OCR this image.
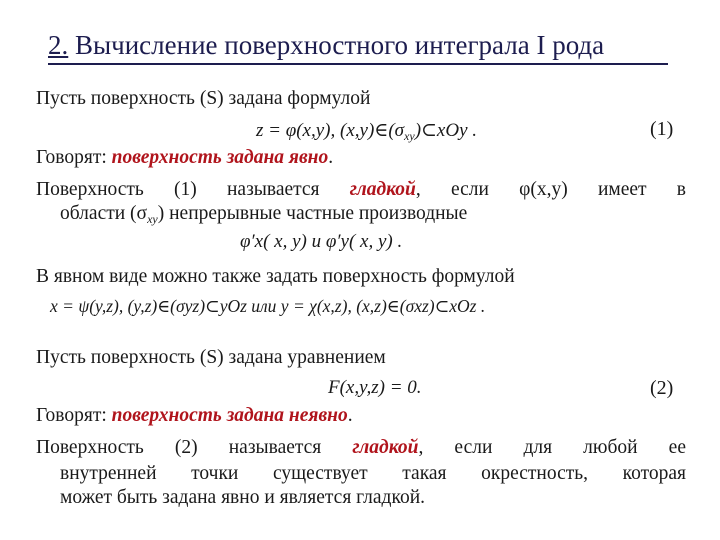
2. Вычисление поверхностного интеграла I рода
Пусть поверхность (S) задана формулой
z = φ(x,y), $(x,y)\in(\sigma_{xy})\subset xOy$ .	(1)
Говорят: поверхность задана явно.
Поверхность (1) называется гладкой, если φ(x,y) имеет в
области $(\sigma_{xy})$ непрерывные частные производные
φ′x( x, y) и φ′y( x, y) .
В явном виде можно также задать поверхность формулой
x = ψ(y,z), (y,z)∈(σyz)⊂yOz или y = χ(x,z), (x,z)∈(σxz)⊂xOz .
Пусть поверхность (S) задана уравнением
F(x,y,z) = 0.	(2)
Говорят: поверхность задана неявно.
Поверхность (2) называется гладкой, если для любой ее
внутренней точки существует такая окрестность, которая
может быть задана явно и является гладкой.
